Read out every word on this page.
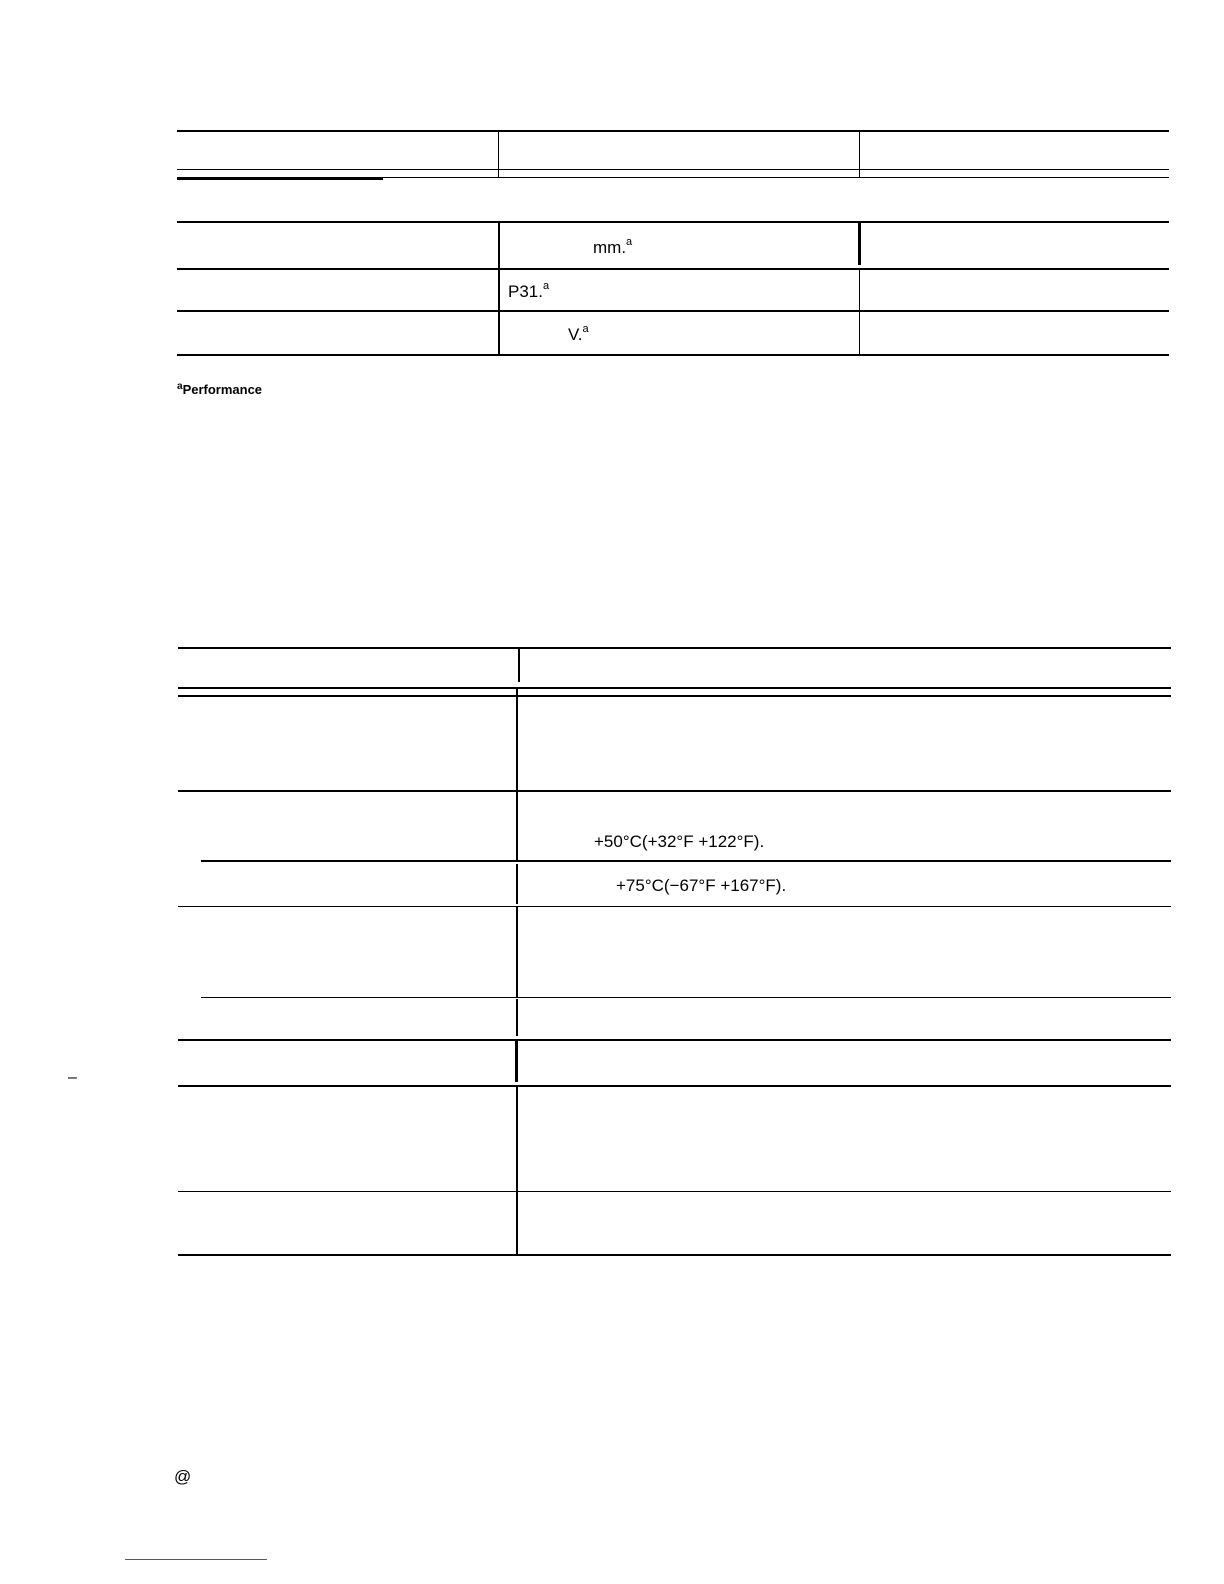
mm.$^a$
P31.$^a$
V.$^a$
$^a$Performance
+50°C(+32°F +122°F).
+75°C(−67°F +167°F).
–
@
